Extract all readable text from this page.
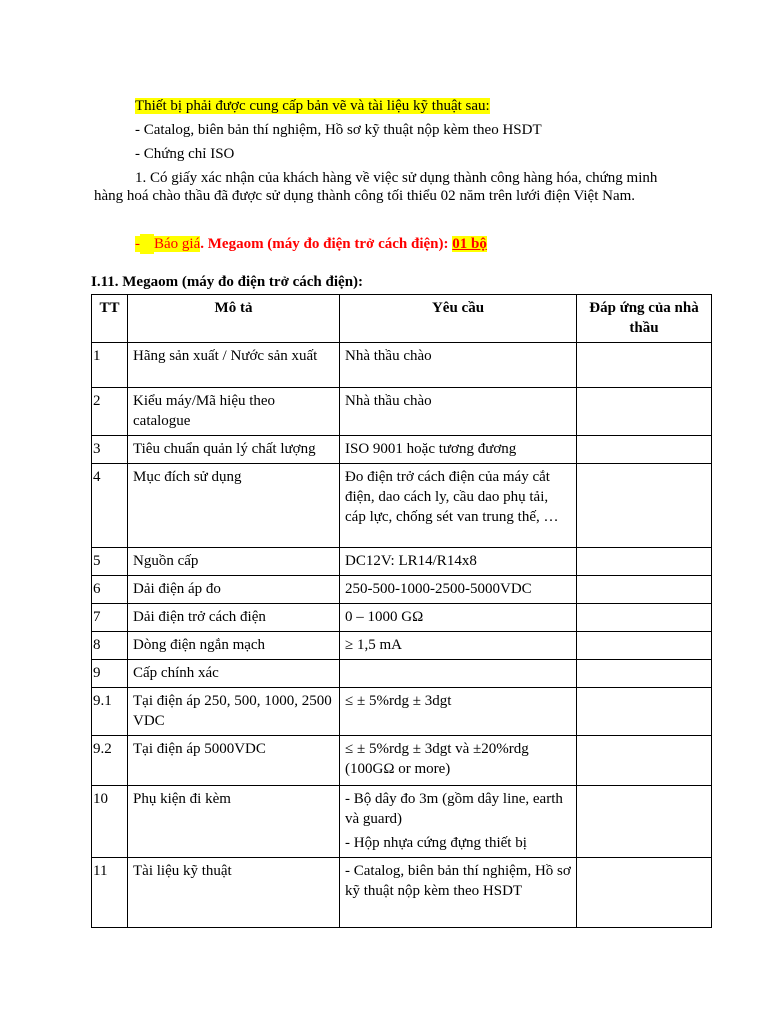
Thiết bị phải được cung cấp bản vẽ và tài liệu kỹ thuật sau:
- Catalog, biên bản thí nghiệm, Hồ sơ kỹ thuật nộp kèm theo HSDT
- Chứng chỉ ISO
1. Có giấy xác nhận của khách hàng về việc sử dụng thành công hàng hóa, chứng minh
hàng hoá chào thầu đã được sử dụng thành công tối thiểu 02 năm trên lưới điện Việt Nam.
- Báo giá. Megaom (máy đo điện trở cách điện): 01 bộ
I.11. Megaom (máy đo điện trở cách điện):
TT	Mô tả	Yêu cầu	Đáp ứng của nhà thầu
1	Hãng sản xuất / Nước sản xuất	Nhà thầu chào	

2	Kiểu máy/Mã hiệu theo catalogue	Nhà thầu chào	

3	Tiêu chuẩn quản lý chất lượng	ISO 9001 hoặc tương đương	

4	Mục đích sử dụng	Đo điện trở cách điện của máy cắt điện, dao cách ly, cầu dao phụ tải, cáp lực, chống sét van trung thế, …	

5	Nguồn cấp	DC12V: LR14/R14x8	

6	Dải điện áp đo	250-500-1000-2500-5000VDC	

7	Dải điện trở cách điện	0 – 1000 GΩ	

8	Dòng điện ngắn mạch	≥ 1,5 mA	

9	Cấp chính xác	

9.1	Tại điện áp 250, 500, 1000, 2500 VDC	≤ ± 5%rdg ± 3dgt	

9.2	Tại điện áp 5000VDC	≤ ± 5%rdg ± 3dgt và ±20%rdg (100GΩ or more)	

10	Phụ kiện đi kèm	- Bộ dây đo 3m (gồm dây line, earth và guard)

- Hộp nhựa cứng đựng thiết bị	

11	Tài liệu kỹ thuật	- Catalog, biên bản thí nghiệm, Hồ sơ kỹ thuật nộp kèm theo HSDT	
